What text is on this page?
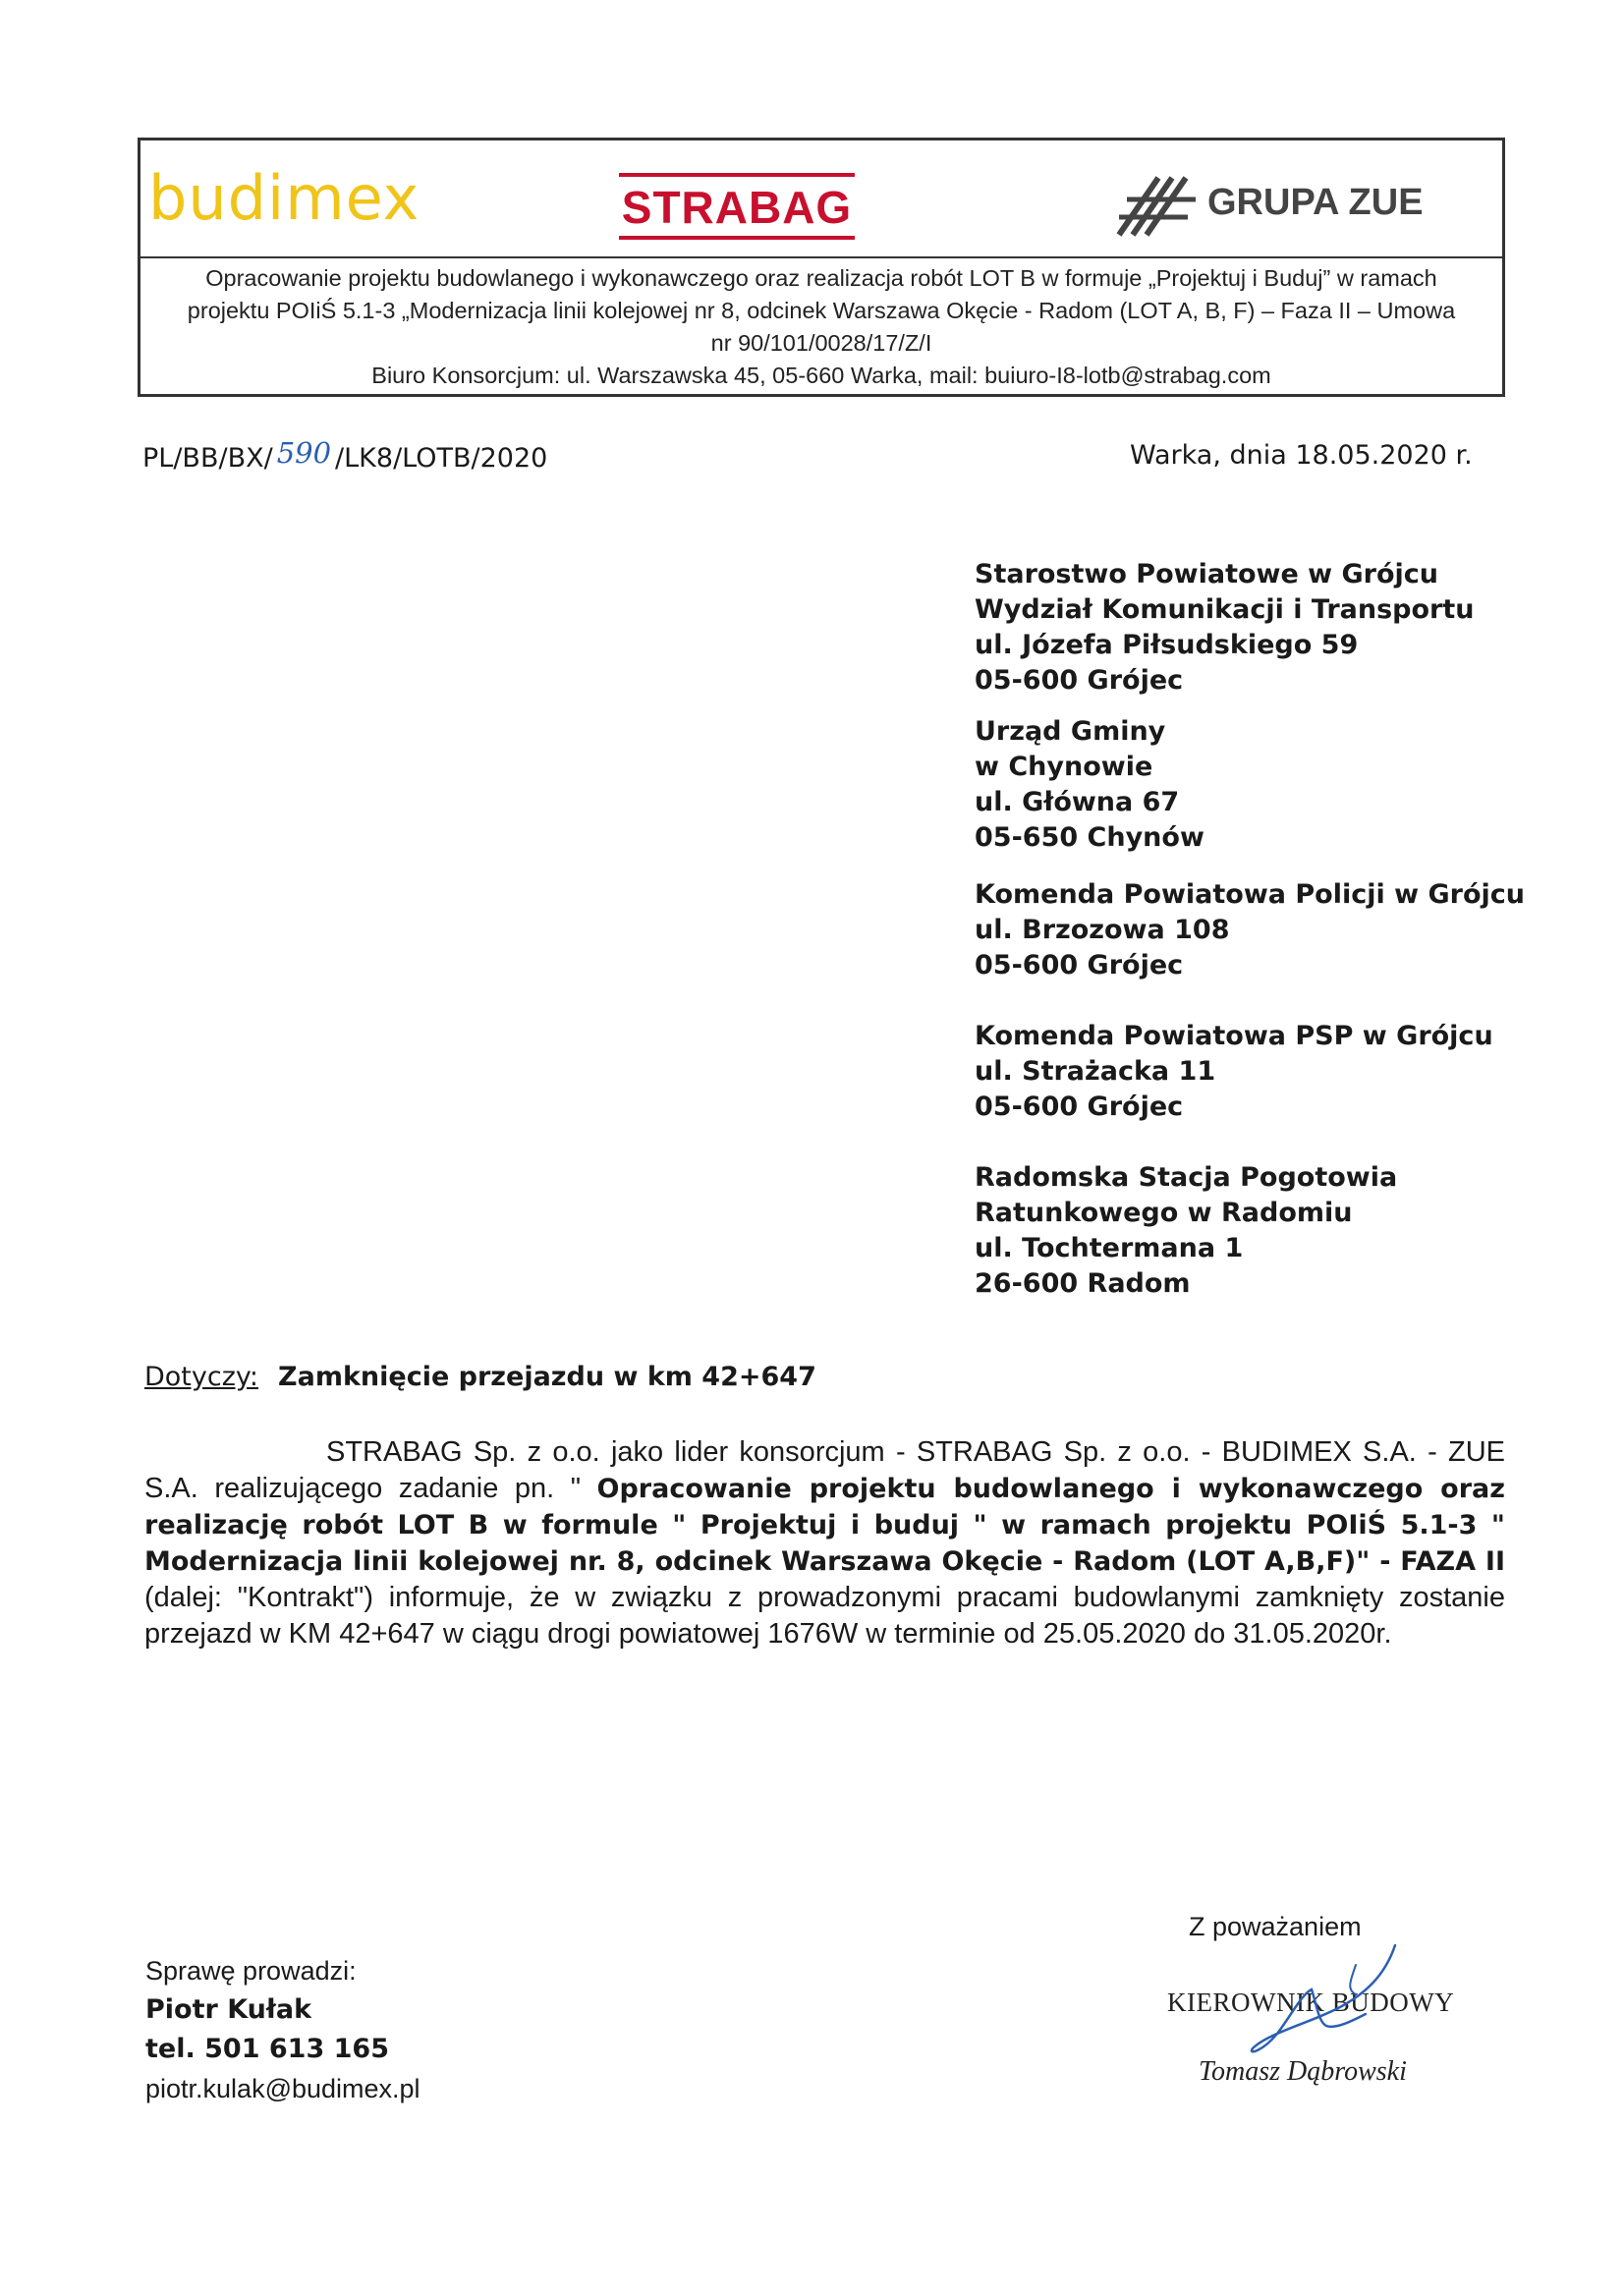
budimex	STRABAG	GRUPA ZUE
Opracowanie projektu budowlanego i wykonawczego oraz realizacja robót LOT B w formuje „Projektuj i Buduj” w ramach
projektu POIiŚ 5.1-3 „Modernizacja linii kolejowej nr 8, odcinek Warszawa Okęcie - Radom (LOT A, B, F) – Faza II – Umowa
nr 90/101/0028/17/Z/I
Biuro Konsorcjum: ul. Warszawska 45, 05-660 Warka, mail: buiuro-I8-lotb@strabag.com
PL/BB/BX/ 590 /LK8/LOTB/2020	Warka, dnia 18.05.2020 r.
Starostwo Powiatowe w Grójcu
Wydział Komunikacji i Transportu
ul. Józefa Piłsudskiego 59
05-600 Grójec
Urząd Gminy
w Chynowie
ul. Główna 67
05-650 Chynów
Komenda Powiatowa Policji w Grójcu
ul. Brzozowa 108
05-600 Grójec
Komenda Powiatowa PSP w Grójcu
ul. Strażacka 11
05-600 Grójec
Radomska Stacja Pogotowia
Ratunkowego w Radomiu
ul. Tochtermana 1
26-600 Radom
Dotyczy: Zamknięcie przejazdu w km 42+647
STRABAG Sp. z o.o. jako lider konsorcjum - STRABAG Sp. z o.o. - BUDIMEX S.A. - ZUE S.A. realizującego zadanie pn. " Opracowanie projektu budowlanego i wykonawczego oraz realizację robót LOT B w formule " Projektuj i buduj " w ramach projektu POIiŚ 5.1-3 " Modernizacja linii kolejowej nr. 8, odcinek Warszawa Okęcie - Radom (LOT A,B,F)" - FAZA II (dalej: "Kontrakt") informuje, że w związku z prowadzonymi pracami budowlanymi zamknięty zostanie przejazd w KM 42+647 w ciągu drogi powiatowej 1676W w terminie od 25.05.2020 do 31.05.2020r.
Sprawę prowadzi:
Piotr Kułak
tel. 501 613 165
piotr.kulak@budimex.pl
Z poważaniem
KIEROWNIK BUDOWY
Tomasz Dąbrowski
